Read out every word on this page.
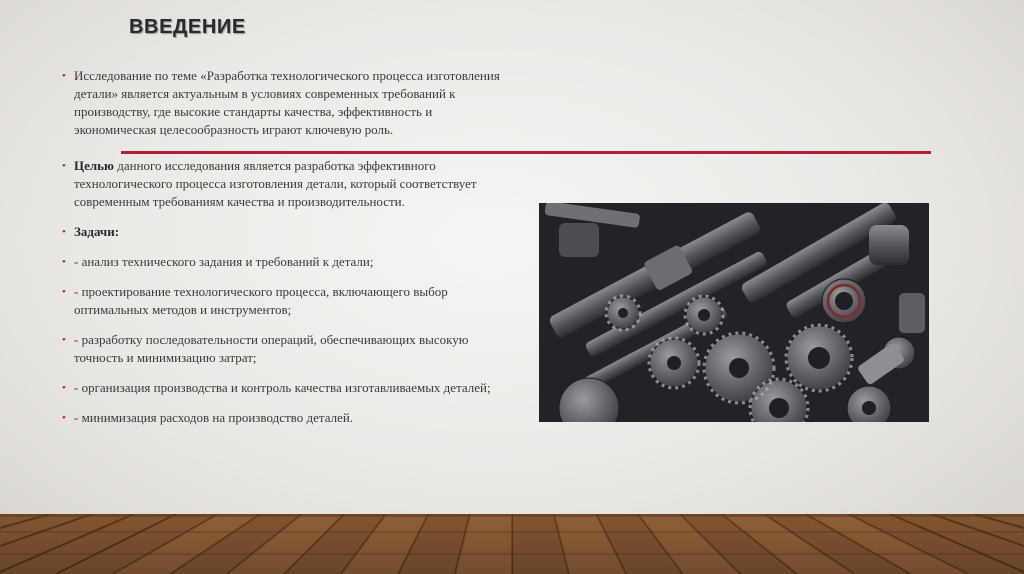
ВВЕДЕНИЕ
• Исследование по теме «Разработка технологического процесса изготовления детали» является актуальным в условиях современных требований к производству, где высокие стандарты качества, эффективность и экономическая целесообразность играют ключевую роль.
• Целью данного исследования является разработка эффективного технологического процесса изготовления детали, который соответствует современным требованиям качества и производительности.
• Задачи:
• - анализ технического задания и требований к детали;
• - проектирование технологического процесса, включающего выбор оптимальных методов и инструментов;
• - разработку последовательности операций, обеспечивающих высокую точность и минимизацию затрат;
• - организация производства и контроль качества изготавливаемых деталей;
• - минимизация расходов на производство деталей.
